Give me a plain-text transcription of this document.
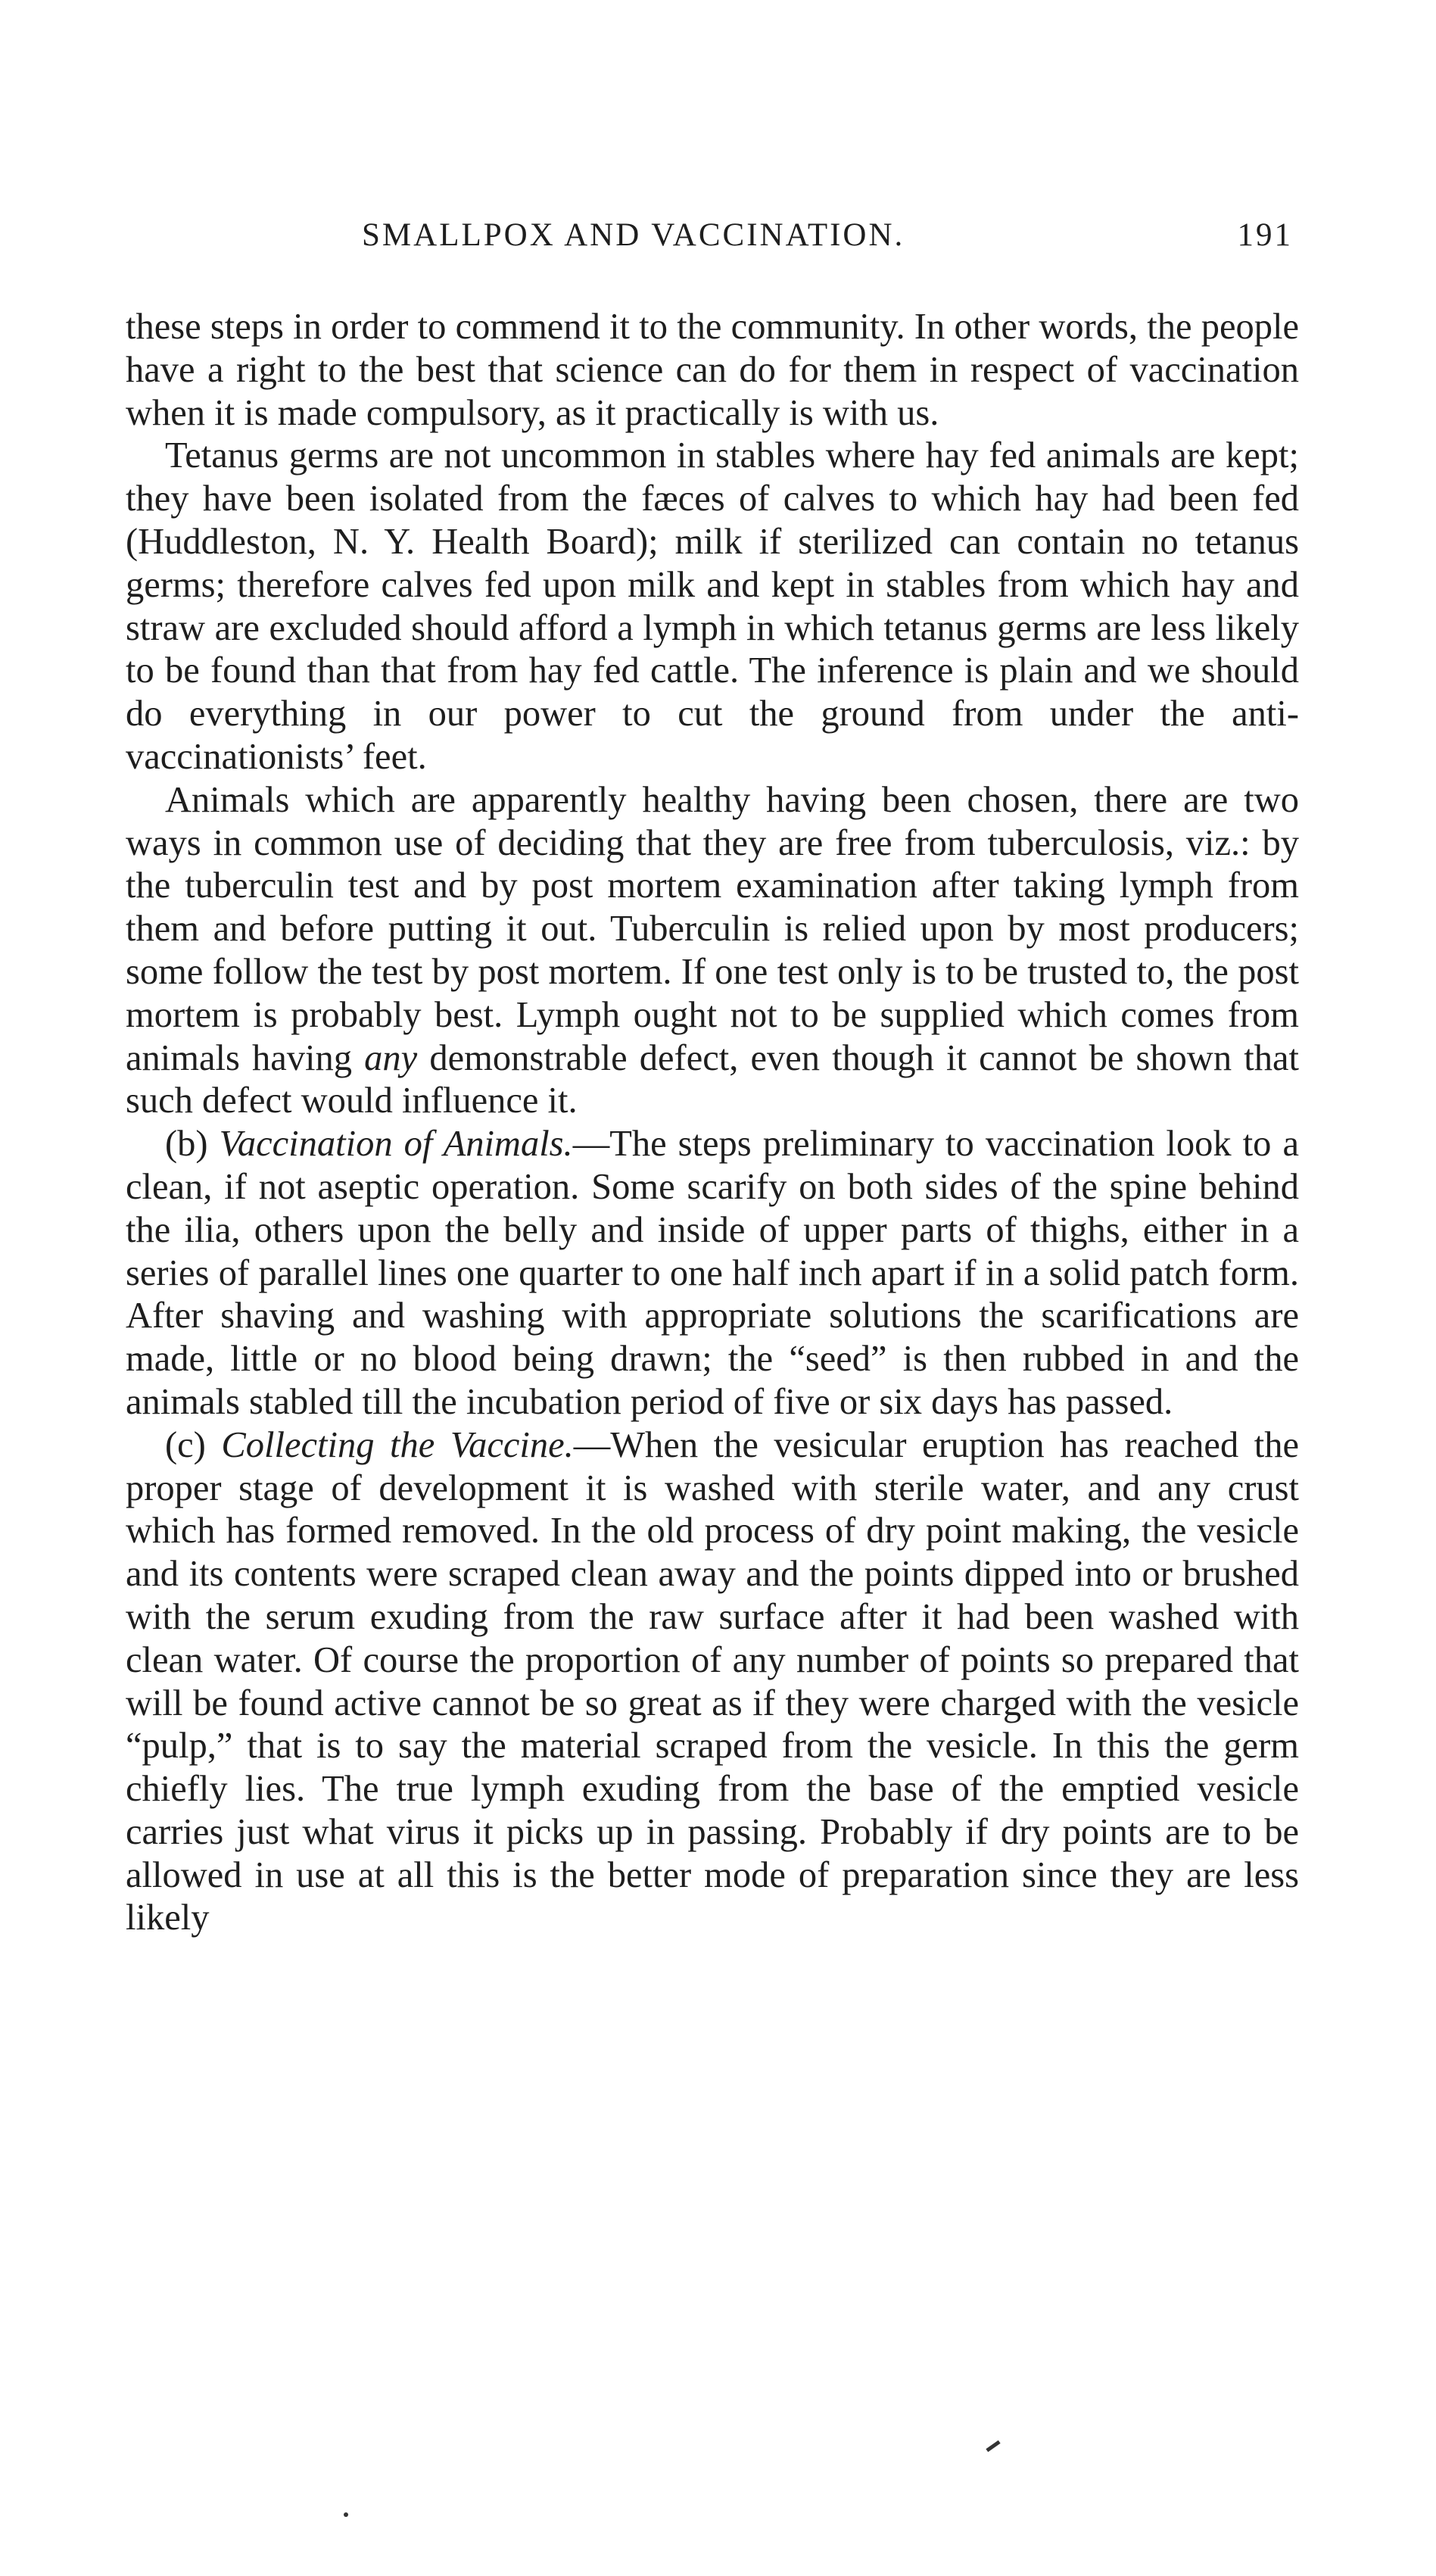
SMALLPOX AND VACCINATION.	191

these steps in order to commend it to the community. In other words, the people have a right to the best that science can do for them in respect of vaccination when it is made compulsory, as it practically is with us.

Tetanus germs are not uncommon in stables where hay fed animals are kept; they have been isolated from the fæces of calves to which hay had been fed (Huddleston, N. Y. Health Board); milk if sterilized can contain no tetanus germs; therefore calves fed upon milk and kept in stables from which hay and straw are excluded should afford a lymph in which tetanus germs are less likely to be found than that from hay fed cattle. The inference is plain and we should do everything in our power to cut the ground from under the anti-vaccinationists’ feet.

Animals which are apparently healthy having been chosen, there are two ways in common use of deciding that they are free from tuberculosis, viz.: by the tuberculin test and by post mortem examination after taking lymph from them and before putting it out. Tuberculin is relied upon by most producers; some follow the test by post mortem. If one test only is to be trusted to, the post mortem is probably best. Lymph ought not to be supplied which comes from animals having any demonstrable defect, even though it cannot be shown that such defect would influence it.

(b) Vaccination of Animals.—The steps preliminary to vaccination look to a clean, if not aseptic operation. Some scarify on both sides of the spine behind the ilia, others upon the belly and inside of upper parts of thighs, either in a series of parallel lines one quarter to one half inch apart if in a solid patch form. After shaving and washing with appropriate solutions the scarifications are made, little or no blood being drawn; the “seed” is then rubbed in and the animals stabled till the incubation period of five or six days has passed.

(c) Collecting the Vaccine.—When the vesicular eruption has reached the proper stage of development it is washed with sterile water, and any crust which has formed removed. In the old process of dry point making, the vesicle and its contents were scraped clean away and the points dipped into or brushed with the serum exuding from the raw surface after it had been washed with clean water. Of course the proportion of any number of points so prepared that will be found active cannot be so great as if they were charged with the vesicle “pulp,” that is to say the material scraped from the vesicle. In this the germ chiefly lies. The true lymph exuding from the base of the emptied vesicle carries just what virus it picks up in passing. Probably if dry points are to be allowed in use at all this is the better mode of preparation since they are less likely
